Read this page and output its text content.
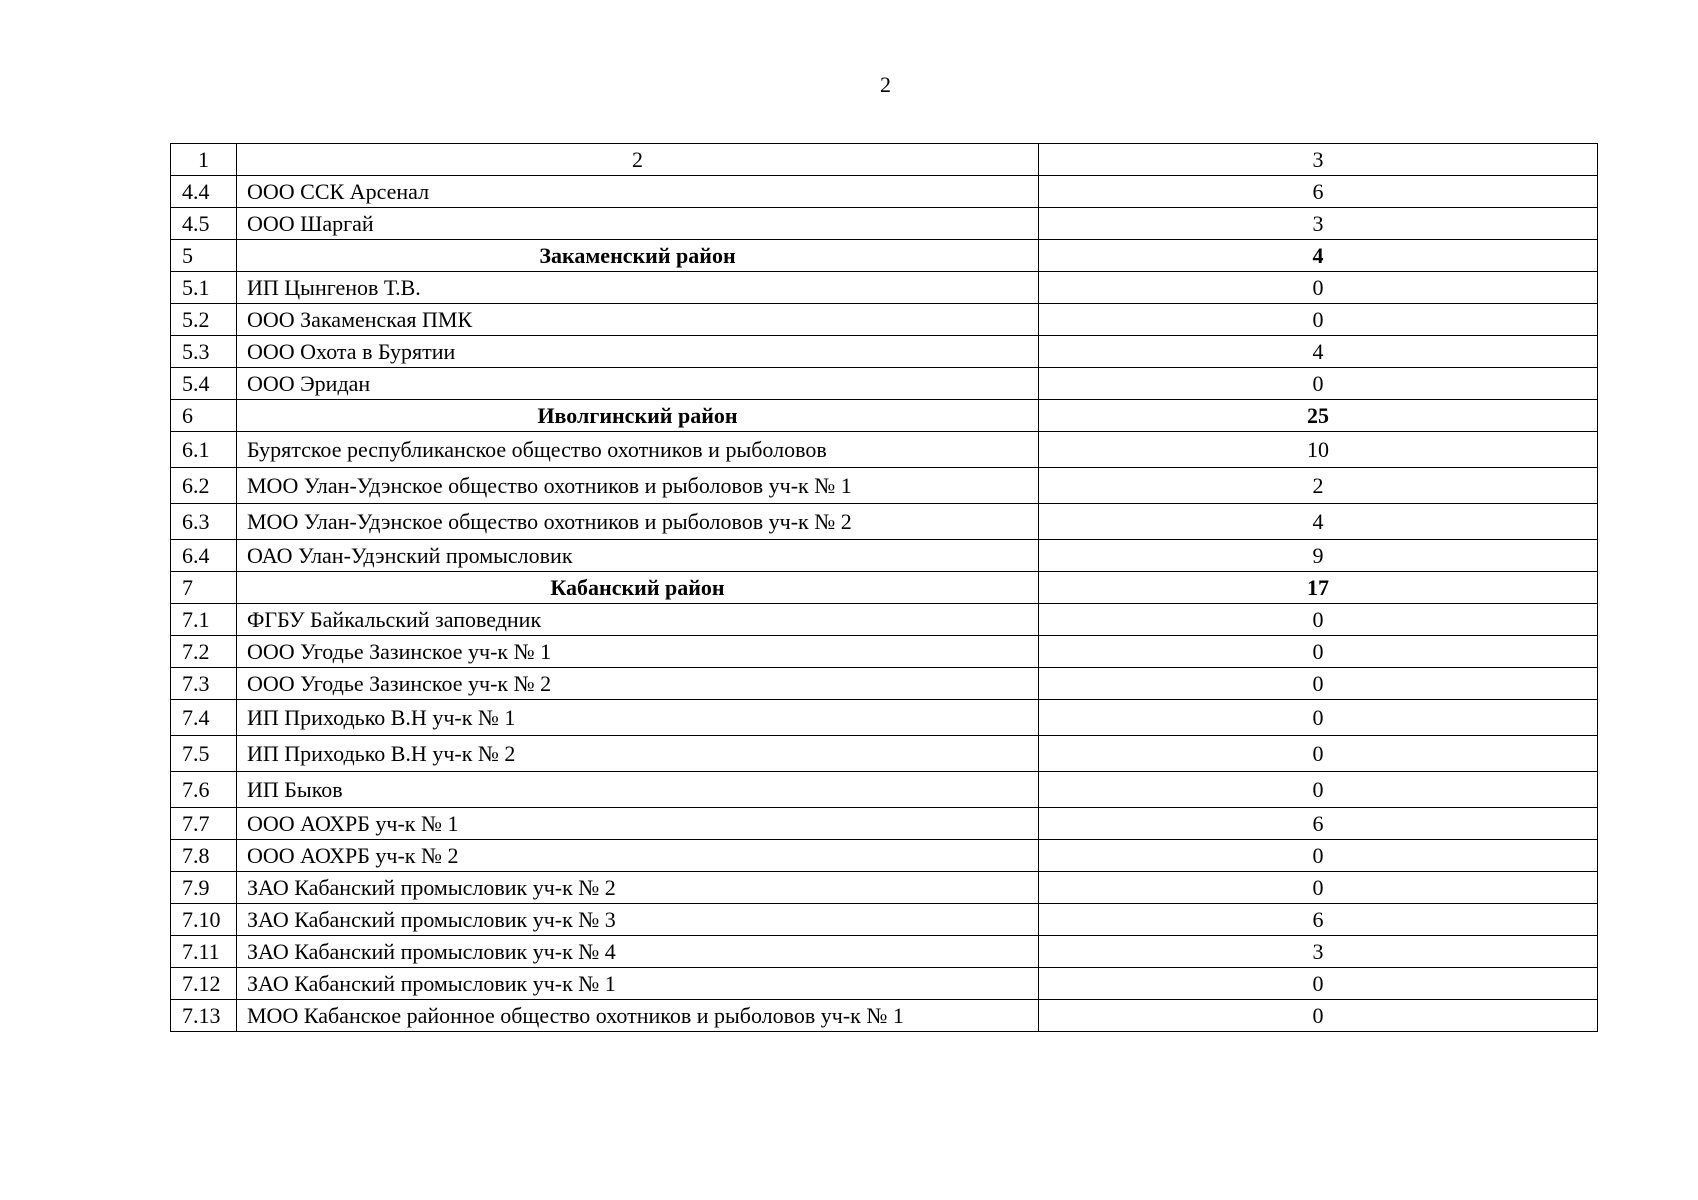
2
1	2	3
4.4	ООО ССК Арсенал	6
4.5	ООО Шаргай	3
5	Закаменский район	4
5.1	ИП Цынгенов Т.В.	0
5.2	ООО Закаменская ПМК	0
5.3	ООО Охота в Бурятии	4
5.4	ООО Эридан	0
6	Иволгинский район	25
6.1	Бурятское республиканское общество охотников и рыболовов	10
6.2	МОО Улан-Удэнское общество охотников и рыболовов уч-к № 1	2
6.3	МОО Улан-Удэнское общество охотников и рыболовов уч-к № 2	4
6.4	ОАО Улан-Удэнский промысловик	9
7	Кабанский район	17
7.1	ФГБУ Байкальский заповедник	0
7.2	ООО Угодье Зазинское уч-к № 1	0
7.3	ООО Угодье Зазинское уч-к № 2	0
7.4	ИП Приходько В.Н уч-к № 1	0
7.5	ИП Приходько В.Н уч-к № 2	0
7.6	ИП Быков	0
7.7	ООО АОХРБ уч-к № 1	6
7.8	ООО АОХРБ уч-к № 2	0
7.9	ЗАО Кабанский промысловик уч-к № 2	0
7.10	ЗАО Кабанский промысловик уч-к № 3	6
7.11	ЗАО Кабанский промысловик уч-к № 4	3
7.12	ЗАО Кабанский промысловик уч-к № 1	0
7.13	МОО Кабанское районное общество охотников и рыболовов уч-к № 1	0
